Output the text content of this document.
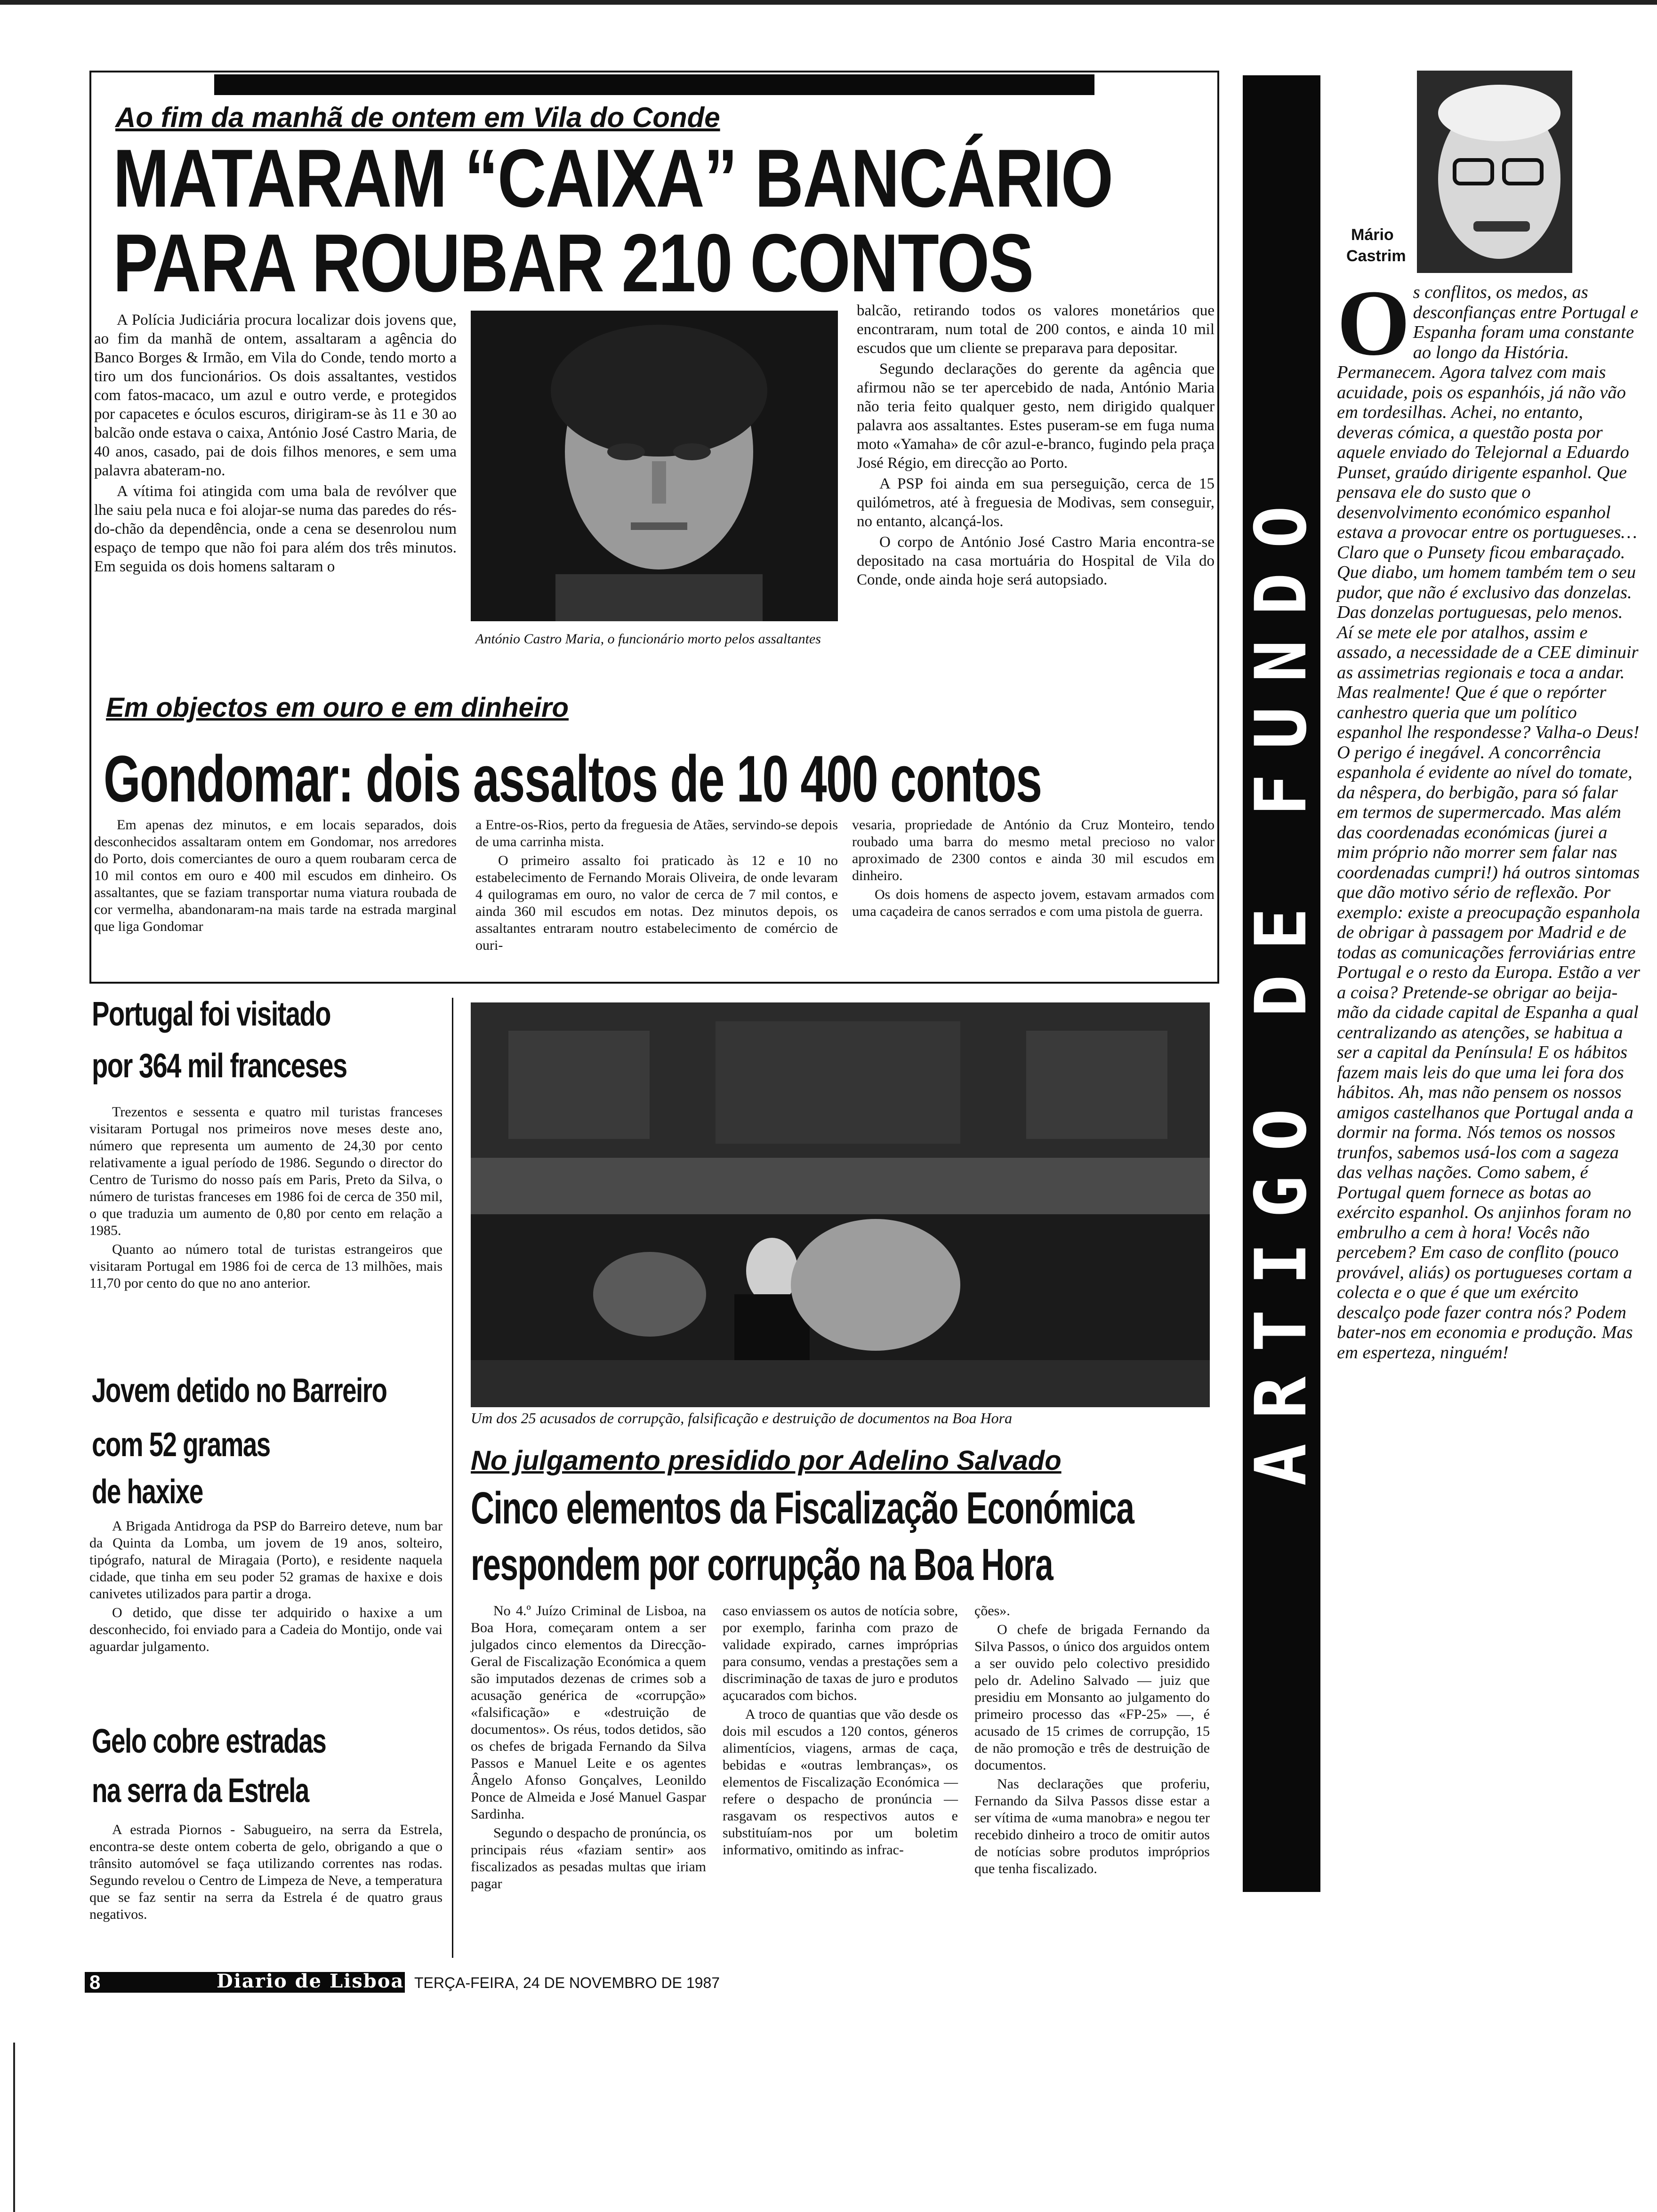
Ao fim da manhã de ontem em Vila do Conde
MATARAM “CAIXA” BANCÁRIO
PARA ROUBAR 210 CONTOS

A Polícia Judiciária procura localizar dois jovens que, ao fim da manhã de ontem, assaltaram a agência do Banco Borges & Irmão, em Vila do Conde, tendo morto a tiro um dos funcionários. Os dois assaltantes, vestidos com fatos-macaco, um azul e outro verde, e protegidos por capacetes e óculos escuros, dirigiram-se às 11 e 30 ao balcão onde estava o caixa, António José Castro Maria, de 40 anos, casado, pai de dois filhos menores, e sem uma palavra abateram-no.

A vítima foi atingida com uma bala de revólver que lhe saiu pela nuca e foi alojar-se numa das paredes do rés-do-chão da dependência, onde a cena se desenrolou num espaço de tempo que não foi para além dos três minutos. Em seguida os dois homens saltaram o

António Castro Maria, o funcionário morto pelos assaltantes

balcão, retirando todos os valores monetários que encontraram, num total de 200 contos, e ainda 10 mil escudos que um cliente se preparava para depositar.

Segundo declarações do gerente da agência que afirmou não se ter apercebido de nada, António Maria não teria feito qualquer gesto, nem dirigido qualquer palavra aos assaltantes. Estes puseram-se em fuga numa moto «Yamaha» de côr azul-e-branco, fugindo pela praça José Régio, em direcção ao Porto.

A PSP foi ainda em sua perseguição, cerca de 15 quilómetros, até à freguesia de Modivas, sem conseguir, no entanto, alcançá-los.

O corpo de António José Castro Maria encontra-se depositado na casa mortuária do Hospital de Vila do Conde, onde ainda hoje será autopsiado.

Em objectos em ouro e em dinheiro
Gondomar: dois assaltos de 10 400 contos

Em apenas dez minutos, e em locais separados, dois desconhecidos assaltaram ontem em Gondomar, nos arredores do Porto, dois comerciantes de ouro a quem roubaram cerca de 10 mil contos em ouro e 400 mil escudos em dinheiro. Os assaltantes, que se faziam transportar numa viatura roubada de cor vermelha, abandonaram-na mais tarde na estrada marginal que liga Gondomar

a Entre-os-Rios, perto da freguesia de Atães, servindo-se depois de uma carrinha mista.

O primeiro assalto foi praticado às 12 e 10 no estabelecimento de Fernando Morais Oliveira, de onde levaram 4 quilogramas em ouro, no valor de cerca de 7 mil contos, e ainda 360 mil escudos em notas. Dez minutos depois, os assaltantes entraram noutro estabelecimento de comércio de ouri-

vesaria, propriedade de António da Cruz Monteiro, tendo roubado uma barra do mesmo metal precioso no valor aproximado de 2300 contos e ainda 30 mil escudos em dinheiro.

Os dois homens de aspecto jovem, estavam armados com uma caçadeira de canos serrados e com uma pistola de guerra.

Portugal foi visitado
por 364 mil franceses

Trezentos e sessenta e quatro mil turistas franceses visitaram Portugal nos primeiros nove meses deste ano, número que representa um aumento de 24,30 por cento relativamente a igual período de 1986. Segundo o director do Centro de Turismo do nosso país em Paris, Preto da Silva, o número de turistas franceses em 1986 foi de cerca de 350 mil, o que traduzia um aumento de 0,80 por cento em relação a 1985.

Quanto ao número total de turistas estrangeiros que visitaram Portugal em 1986 foi de cerca de 13 milhões, mais 11,70 por cento do que no ano anterior.

Jovem detido no Barreiro
com 52 gramas
de haxixe

A Brigada Antidroga da PSP do Barreiro deteve, num bar da Quinta da Lomba, um jovem de 19 anos, solteiro, tipógrafo, natural de Miragaia (Porto), e residente naquela cidade, que tinha em seu poder 52 gramas de haxixe e dois canivetes utilizados para partir a droga.

O detido, que disse ter adquirido o haxixe a um desconhecido, foi enviado para a Cadeia do Montijo, onde vai aguardar julgamento.

Gelo cobre estradas
na serra da Estrela

A estrada Piornos - Sabugueiro, na serra da Estrela, encontra-se deste ontem coberta de gelo, obrigando a que o trânsito automóvel se faça utilizando correntes nas rodas. Segundo revelou o Centro de Limpeza de Neve, a temperatura que se faz sentir na serra da Estrela é de quatro graus negativos.

Um dos 25 acusados de corrupção, falsificação e destruição de documentos na Boa Hora
No julgamento presidido por Adelino Salvado
Cinco elementos da Fiscalização Económica
respondem por corrupção na Boa Hora

No 4.º Juízo Criminal de Lisboa, na Boa Hora, começaram ontem a ser julgados cinco elementos da Direcção-Geral de Fiscalização Económica a quem são imputados dezenas de crimes sob a acusação genérica de «corrupção» «falsificação» e «destruição de documentos». Os réus, todos detidos, são os chefes de brigada Fernando da Silva Passos e Manuel Leite e os agentes Ângelo Afonso Gonçalves, Leonildo Ponce de Almeida e José Manuel Gaspar Sardinha.

Segundo o despacho de pronúncia, os principais réus «faziam sentir» aos fiscalizados as pesadas multas que iriam pagar

caso enviassem os autos de notícia sobre, por exemplo, farinha com prazo de validade expirado, carnes impróprias para consumo, vendas a prestações sem a discriminação de taxas de juro e produtos açucarados com bichos.

A troco de quantias que vão desde os dois mil escudos a 120 contos, géneros alimentícios, viagens, armas de caça, bebidas e «outras lembranças», os elementos de Fiscalização Económica — refere o despacho de pronúncia — rasgavam os respectivos autos e substituíam-nos por um boletim informativo, omitindo as infrac-

ções».

O chefe de brigada Fernando da Silva Passos, o único dos arguidos ontem a ser ouvido pelo colectivo presidido pelo dr. Adelino Salvado — juiz que presidiu em Monsanto ao julgamento do primeiro processo das «FP-25» —, é acusado de 15 crimes de corrupção, 15 de não promoção e três de destruição de documentos.

Nas declarações que proferiu, Fernando da Silva Passos disse estar a ser vítima de «uma manobra» e negou ter recebido dinheiro a troco de omitir autos de notícias sobre produtos impróprios que tenha fiscalizado.

ARTIGO DE FUNDO
Mário
Castrim
O s conflitos, os medos, as desconfianças entre Portugal e Espanha foram uma constante ao longo da História. Permanecem. Agora talvez com mais acuidade, pois os espanhóis, já não vão em tordesilhas. Achei, no entanto, deveras cómica, a questão posta por aquele enviado do Telejornal a Eduardo Punset, graúdo dirigente espanhol. Que pensava ele do susto que o desenvolvimento económico espanhol estava a provocar entre os portugueses… Claro que o Punsety ficou embaraçado. Que diabo, um homem também tem o seu pudor, que não é exclusivo das donzelas. Das donzelas portuguesas, pelo menos. Aí se mete ele por atalhos, assim e assado, a necessidade de a CEE diminuir as assimetrias regionais e toca a andar. Mas realmente! Que é que o repórter canhestro queria que um político espanhol lhe respondesse? Valha-o Deus! O perigo é inegável. A concorrência espanhola é evidente ao nível do tomate, da nêspera, do berbigão, para só falar em termos de supermercado. Mas além das coordenadas económicas (jurei a mim próprio não morrer sem falar nas coordenadas cumpri!) há outros sintomas que dão motivo sério de reflexão. Por exemplo: existe a preocupação espanhola de obrigar à passagem por Madrid e de todas as comunicações ferroviárias entre Portugal e o resto da Europa. Estão a ver a coisa? Pretende-se obrigar ao beija-mão da cidade capital de Espanha a qual centralizando as atenções, se habitua a ser a capital da Península! E os hábitos fazem mais leis do que uma lei fora dos hábitos. Ah, mas não pensem os nossos amigos castelhanos que Portugal anda a dormir na forma. Nós temos os nossos trunfos, sabemos usá-los com a sageza das velhas nações. Como sabem, é Portugal quem fornece as botas ao exército espanhol. Os anjinhos foram no embrulho a cem à hora! Vocês não percebem? Em caso de conflito (pouco provável, aliás) os portugueses cortam a colecta e o que é que um exército descalço pode fazer contra nós? Podem bater-nos em economia e produção. Mas em esperteza, ninguém!
8	Diario de Lisboa TERÇA-FEIRA, 24 DE NOVEMBRO DE 1987
